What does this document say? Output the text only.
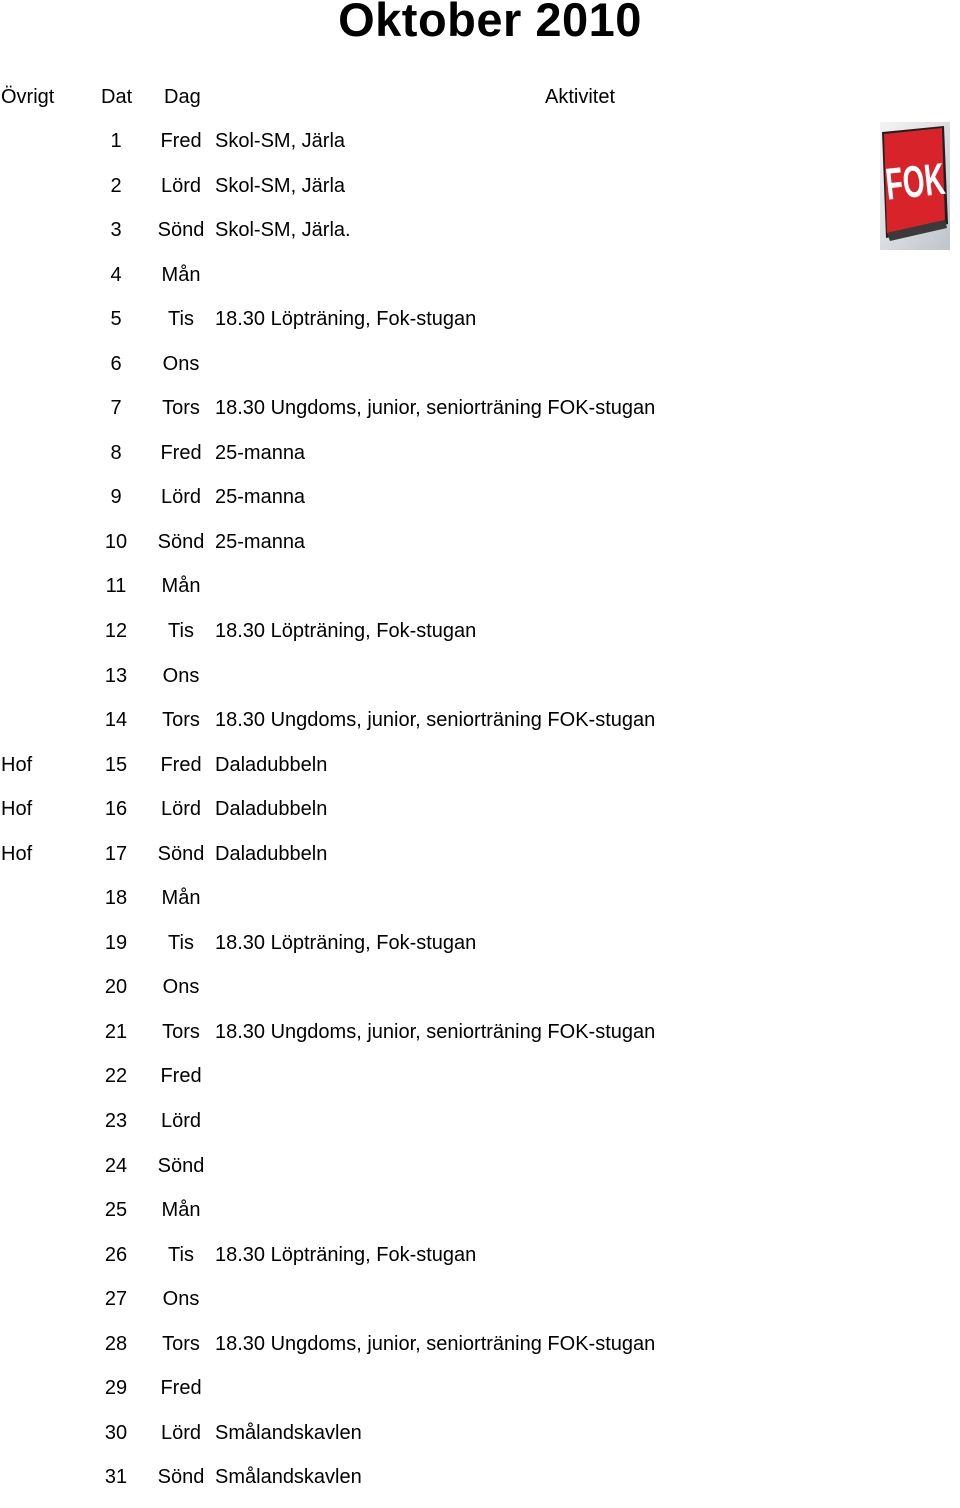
Oktober 2010
Övrigt Dat Dag	Aktivitet
1	Fred Skol-SM, Järla
2	Lörd Skol-SM, Järla
3	Sönd Skol-SM, Järla.
4	Mån
5	Tis	18.30 Löpträning, Fok-stugan
6	Ons
7	Tors 18.30 Ungdoms, junior, seniorträning FOK-stugan
8	Fred 25-manna
9	Lörd 25-manna
10	Sönd 25-manna
11	Mån
12	Tis	18.30 Löpträning, Fok-stugan
13	Ons
14	Tors 18.30 Ungdoms, junior, seniorträning FOK-stugan
Hof	15	Fred Daladubbeln
Hof	16	Lörd Daladubbeln
Hof	17	Sönd Daladubbeln
18	Mån
19	Tis	18.30 Löpträning, Fok-stugan
20	Ons
21	Tors 18.30 Ungdoms, junior, seniorträning FOK-stugan
22	Fred
23	Lörd
24	Sönd
25	Mån
26	Tis	18.30 Löpträning, Fok-stugan
27	Ons
28	Tors 18.30 Ungdoms, junior, seniorträning FOK-stugan
29	Fred
30	Lörd Smålandskavlen
31	Sönd Smålandskavlen
FOK
